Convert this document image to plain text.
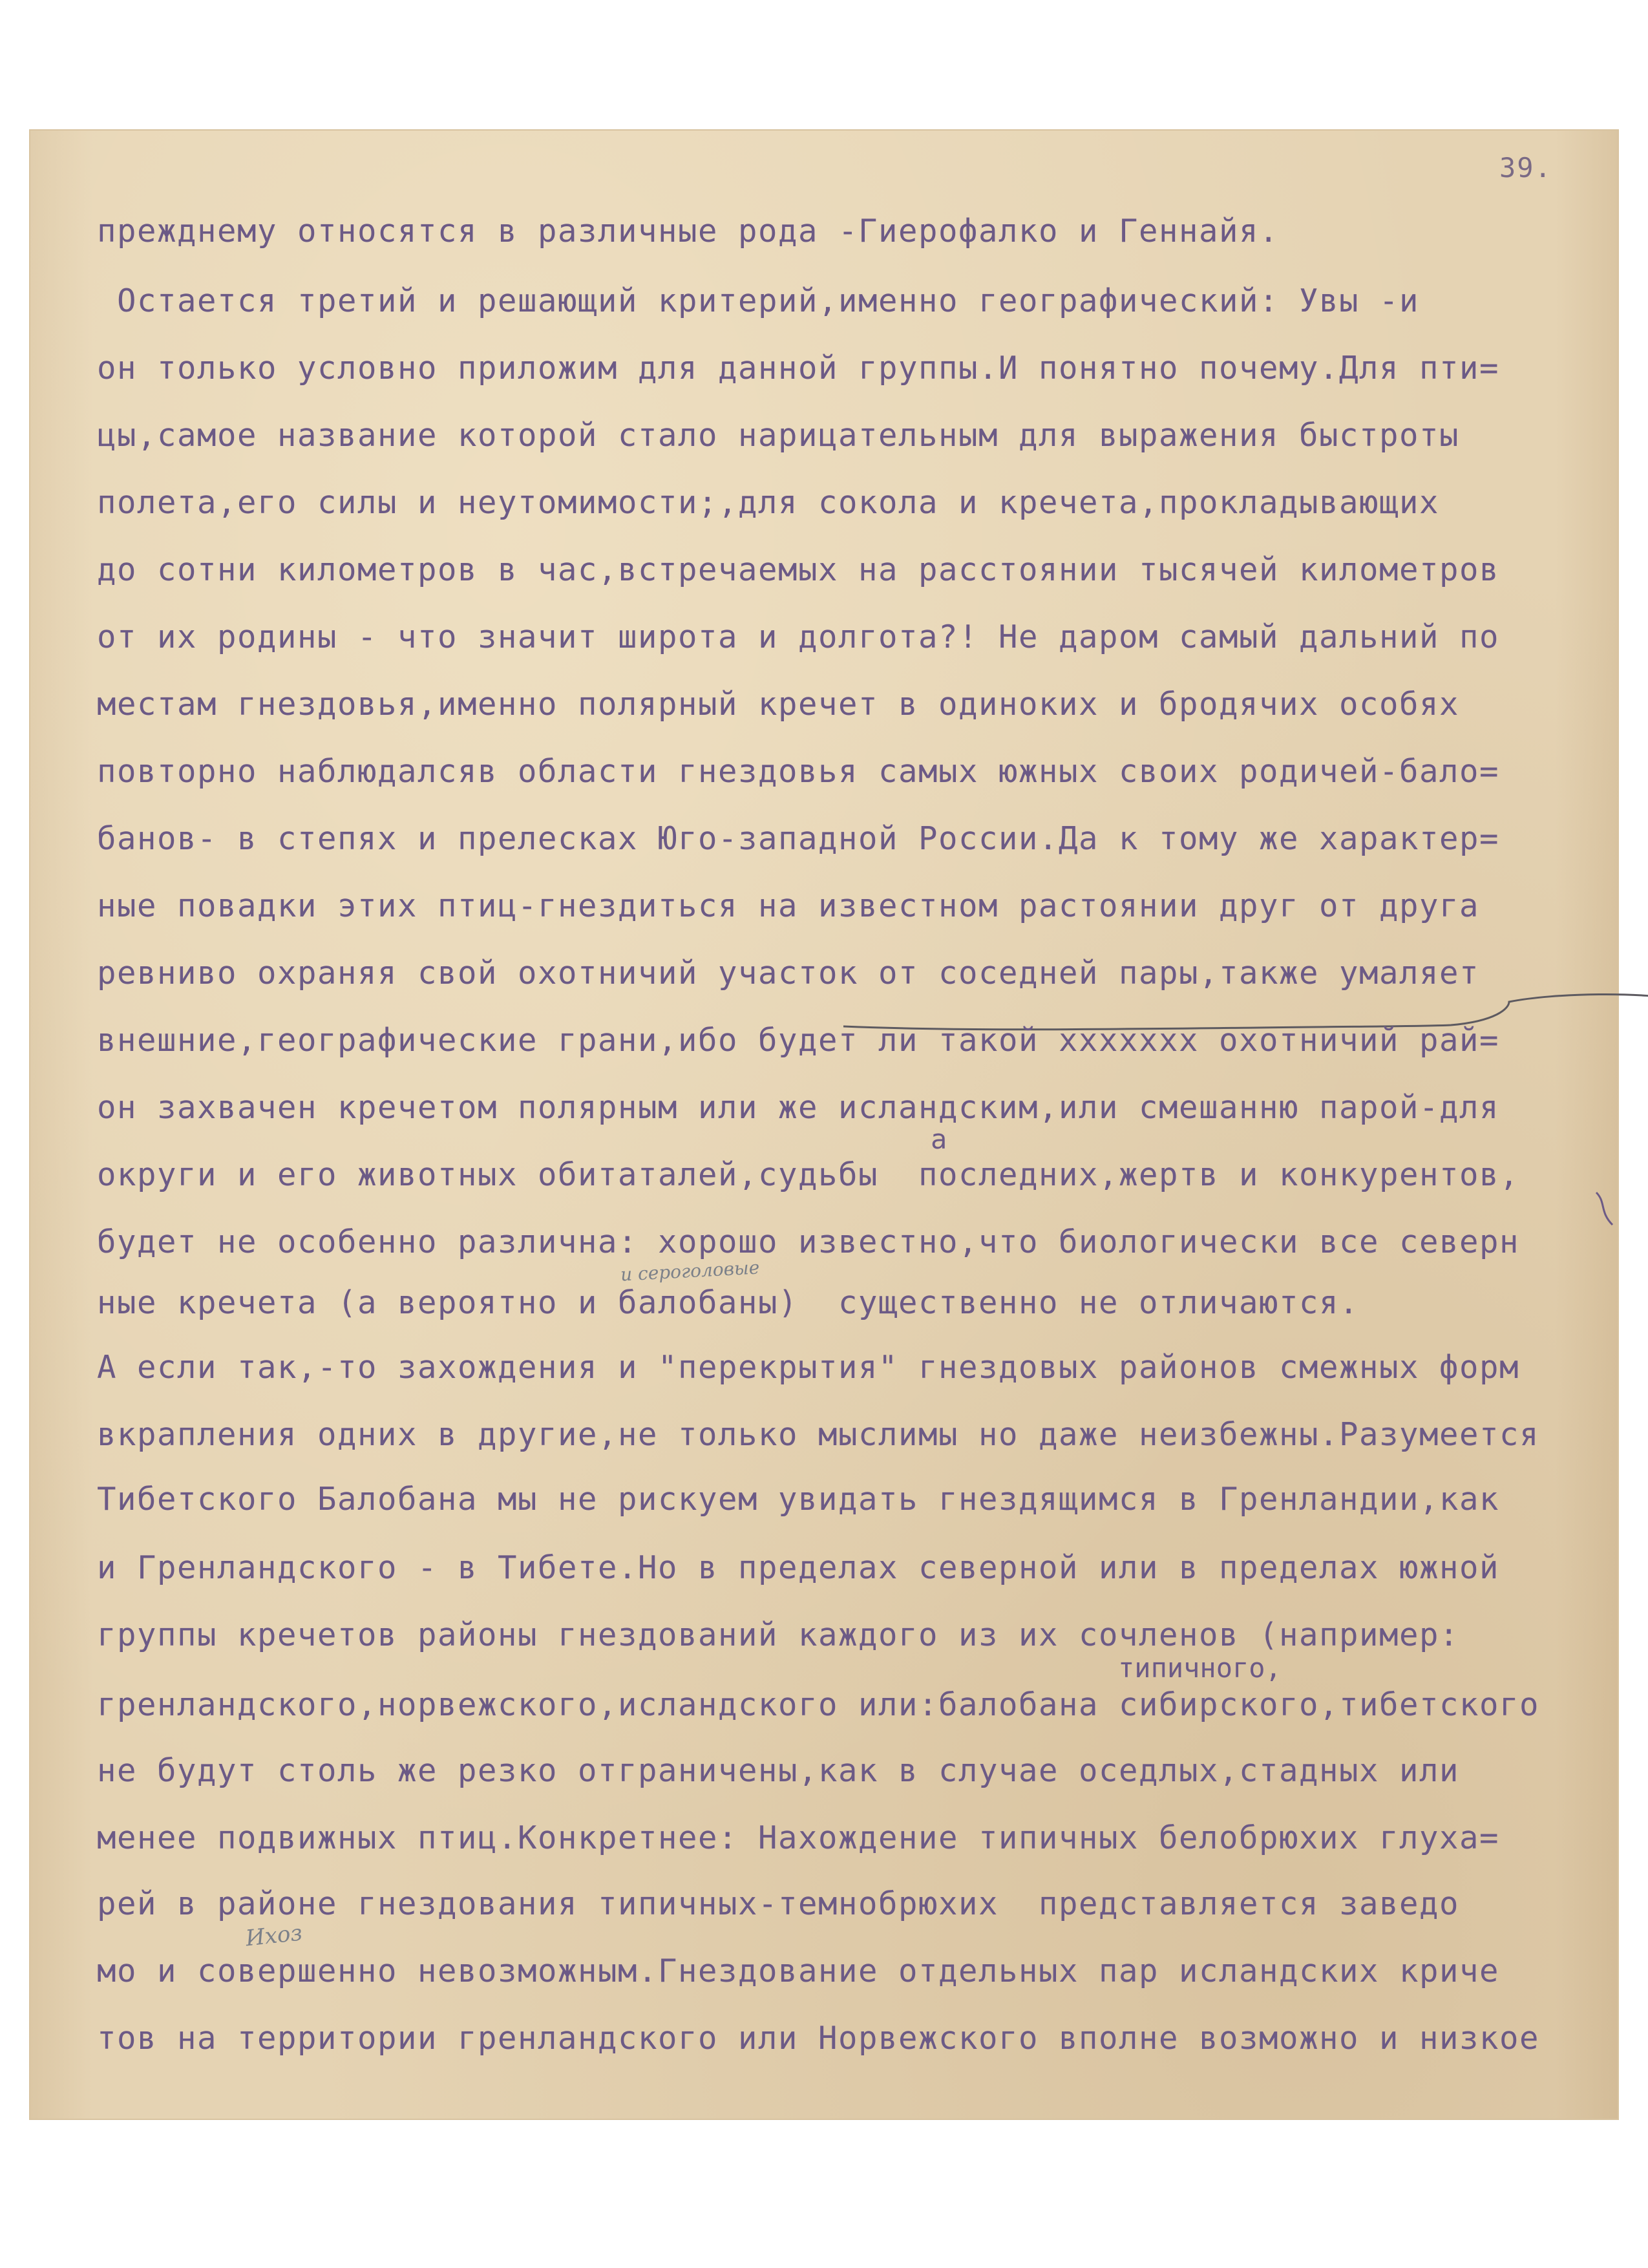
39.
прежднему относятся в различные рода -Гиерофалко и Геннайя.
Остается третий и решающий критерий,именно географический: Увы -и
он только условно приложим для данной группы.И понятно почему.Для пти=
цы,самое название которой стало нарицательным для выражения быстроты
полета,его силы и неутомимости;,для сокола и кречета,прокладывающих
до сотни километров в час,встречаемых на расстоянии тысячей километров
от их родины - что значит широта и долгота?! Не даром самый дальний по
местам гнездовья,именно полярный кречет в одиноких и бродячих особях
повторно наблюдалсяв области гнездовья самых южных своих родичей-бало=
банов- в степях и прелесках Юго-западной России.Да к тому же характер=
ные повадки этих птиц-гнездиться на известном растоянии друг от друга
ревниво охраняя свой охотничий участок от соседней пары,также умаляет
внешние,географические грани,ибо будет ли такой xxxxxxx охотничий рай=
он захвачен кречетом полярным или же исландским,или смешанню парой-для
округи и его животных обитаталей,судьбы  последних,жертв и конкурентов,
будет не особенно различна: хорошо известно,что биологически все северн
ные кречета (а вероятно и балобаны)  существенно не отличаются.
А если так,-то захождения и "перекрытия" гнездовых районов смежных форм
вкрапления одних в другие,не только мыслимы но даже неизбежны.Разумеется
Тибетского Балобана мы не рискуем увидать гнездящимся в Гренландии,как
и Гренландского - в Тибете.Но в пределах северной или в пределах южной
группы кречетов районы гнездований каждого из их сочленов (например:
гренландского,норвежского,исландского или:балобана сибирского,тибетского
не будут столь же резко отграничены,как в случае оседлых,стадных или
менее подвижных птиц.Конкретнее: Нахождение типичных белобрюхих глуха=
рей в районе гнездования типичных-темнобрюхих  представляется заведо
мо и совершенно невозможным.Гнездование отдельных пар исландских криче
тов на территории гренландского или Норвежского вполне возможно и низкое
а
типичного,
и сероголовые
Ихоз
